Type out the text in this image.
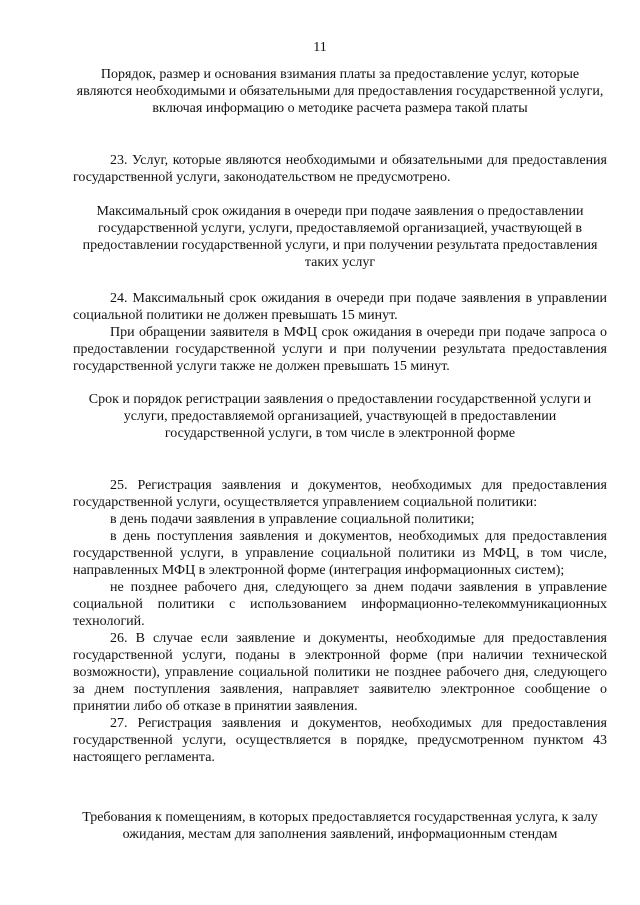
11
Порядок, размер и основания взимания платы за предоставление услуг, которые являются необходимыми и обязательными для предоставления государственной услуги, включая информацию о методике расчета размера такой платы
23. Услуг, которые являются необходимыми и обязательными для предоставления государственной услуги, законодательством не предусмотрено.
Максимальный срок ожидания в очереди при подаче заявления о предоставлении государственной услуги, услуги, предоставляемой организацией, участвующей в предоставлении государственной услуги, и при получении результата предоставления таких услуг

24. Максимальный срок ожидания в очереди при подаче заявления в управлении социальной политики не должен превышать 15 минут.

При обращении заявителя в МФЦ срок ожидания в очереди при подаче запроса о предоставлении государственной услуги и при получении результата предоставления государственной услуги также не должен превышать 15 минут.

Срок и порядок регистрации заявления о предоставлении государственной услуги и услуги, предоставляемой организацией, участвующей в предоставлении государственной услуги, в том числе в электронной форме

25. Регистрация заявления и документов, необходимых для предоставления государственной услуги, осуществляется управлением социальной политики:

в день подачи заявления в управление социальной политики;

в день поступления заявления и документов, необходимых для предоставления государственной услуги, в управление социальной политики из МФЦ, в том числе, направленных МФЦ в электронной форме (интеграция информационных систем);

не позднее рабочего дня, следующего за днем подачи заявления в управление социальной политики с использованием информационно-телекоммуникационных технологий.

26. В случае если заявление и документы, необходимые для предоставления государственной услуги, поданы в электронной форме (при наличии технической возможности), управление социальной политики не позднее рабочего дня, следующего за днем поступления заявления, направляет заявителю электронное сообщение о принятии либо об отказе в принятии заявления.

27. Регистрация заявления и документов, необходимых для предоставления государственной услуги, осуществляется в порядке, предусмотренном пунктом 43 настоящего регламента.

Требования к помещениям, в которых предоставляется государственная услуга, к залу ожидания, местам для заполнения заявлений, информационным стендам
